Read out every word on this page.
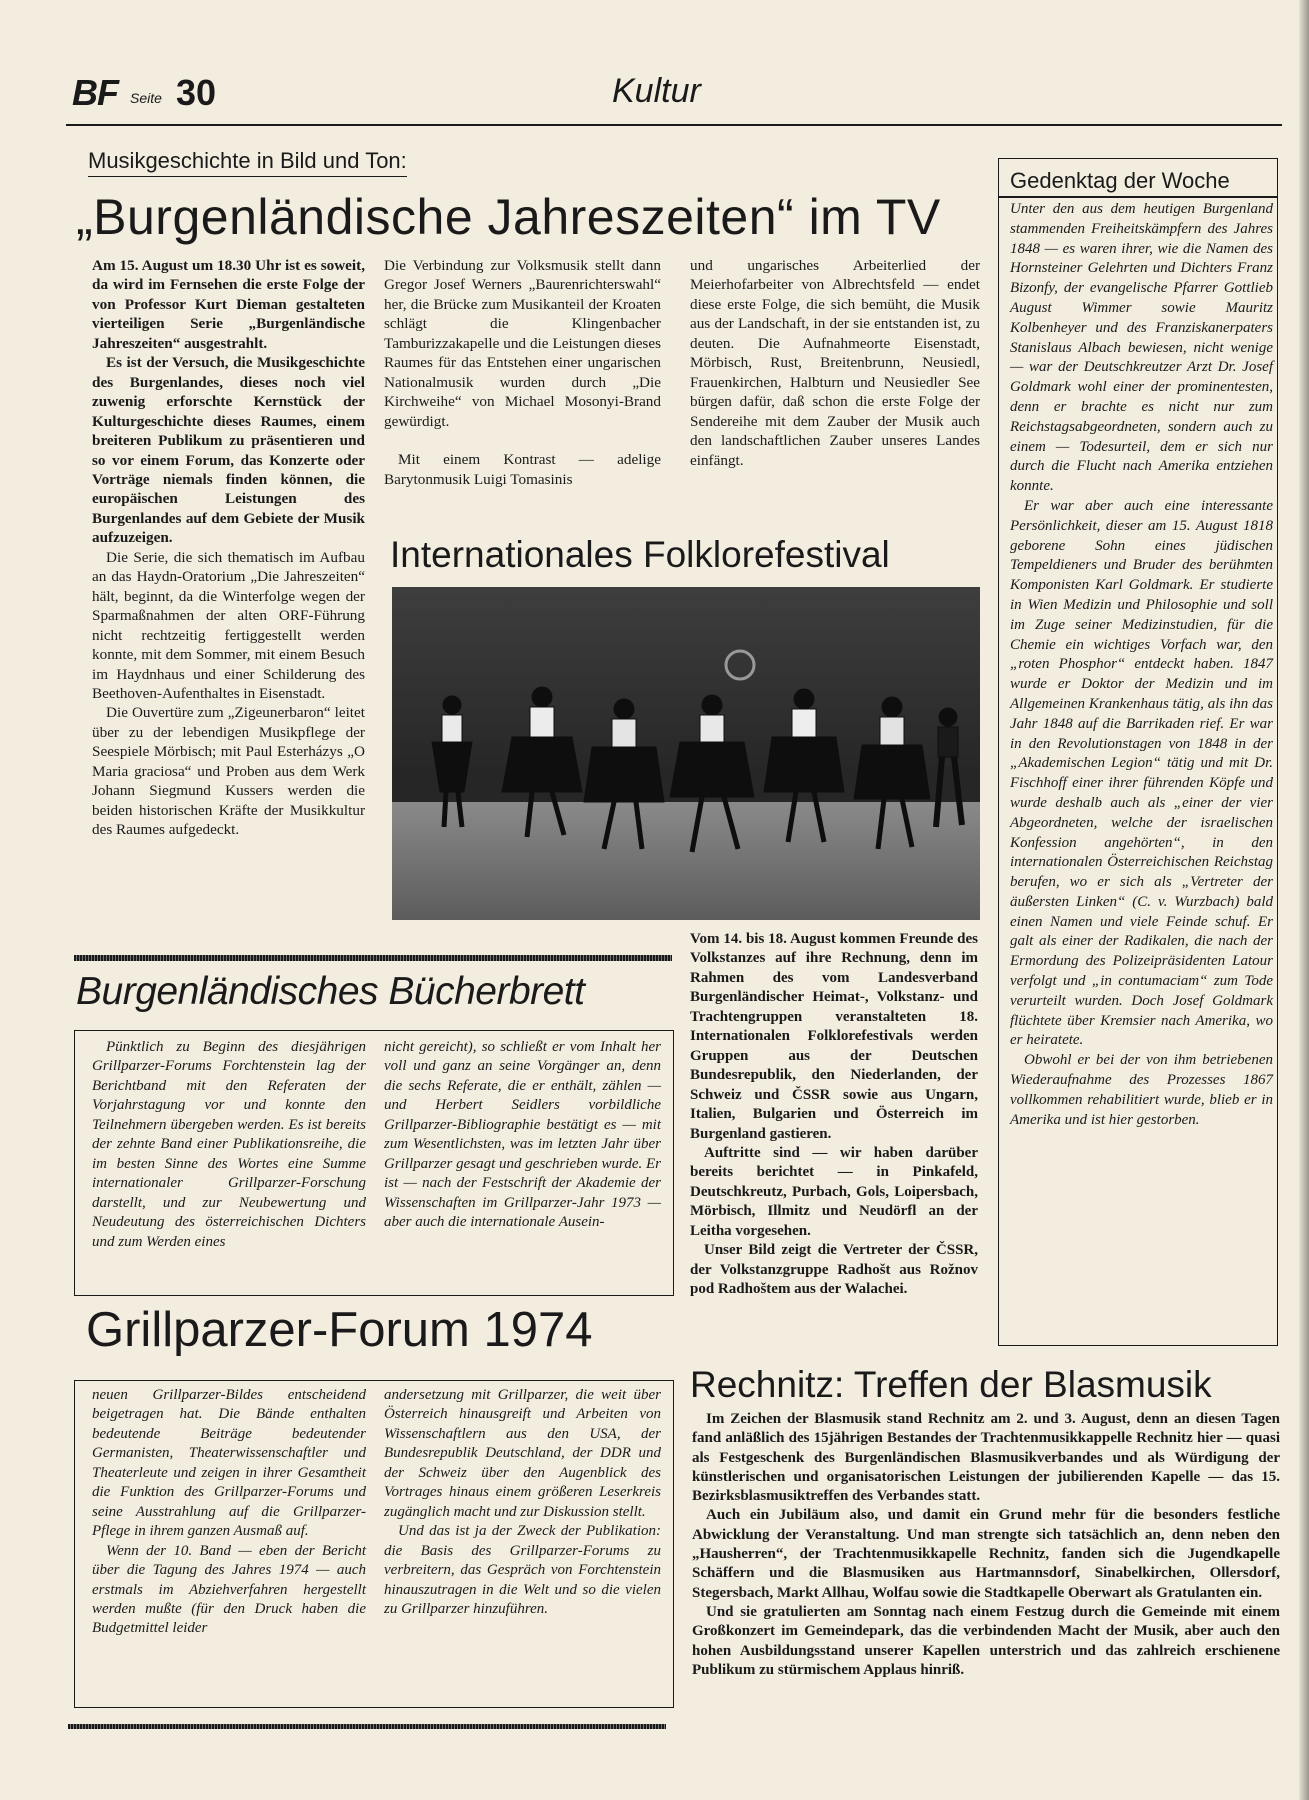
BF Seite 30	Kultur
Musikgeschichte in Bild und Ton:
„Burgenländische Jahreszeiten“ im TV

Am 15. August um 18.30 Uhr ist es soweit, da wird im Fernsehen die erste Folge der von Professor Kurt Dieman gestalteten vierteiligen Serie „Burgenländische Jahreszeiten“ ausgestrahlt.

Es ist der Versuch, die Musikgeschichte des Burgenlandes, dieses noch viel zuwenig erforschte Kernstück der Kulturgeschichte dieses Raumes, einem breiteren Publikum zu präsentieren und so vor einem Forum, das Konzerte oder Vorträge niemals finden können, die europäischen Leistungen des Burgenlandes auf dem Gebiete der Musik aufzuzeigen.

Die Serie, die sich thematisch im Aufbau an das Haydn-Oratorium „Die Jahreszeiten“ hält, beginnt, da die Winterfolge wegen der Sparmaßnahmen der alten ORF-Führung nicht rechtzeitig fertiggestellt werden konnte, mit dem Sommer, mit einem Besuch im Haydnhaus und einer Schilderung des Beethoven-Aufenthaltes in Eisenstadt.

Die Ouvertüre zum „Zigeunerbaron“ leitet über zu der lebendigen Musikpflege der Seespiele Mörbisch; mit Paul Esterházys „O Maria graciosa“ und Proben aus dem Werk Johann Siegmund Kussers werden die beiden historischen Kräfte der Musikkultur des Raumes aufgedeckt.

Die Verbindung zur Volksmusik stellt dann Gregor Josef Werners „Baurenrichterswahl“ her, die Brücke zum Musikanteil der Kroaten schlägt die Klingenbacher Tamburizzakapelle und die Leistungen dieses Raumes für das Entstehen einer ungarischen Nationalmusik wurden durch „Die Kirchweihe“ von Michael Mosonyi-Brand gewürdigt.

Mit einem Kontrast — adelige Barytonmusik Luigi Tomasinis

und ungarisches Arbeiterlied der Meierhofarbeiter von Albrechtsfeld — endet diese erste Folge, die sich bemüht, die Musik aus der Landschaft, in der sie entstanden ist, zu deuten. Die Aufnahmeorte Eisenstadt, Mörbisch, Rust, Breitenbrunn, Neusiedl, Frauenkirchen, Halbturn und Neusiedler See bürgen dafür, daß schon die erste Folge der Sendereihe mit dem Zauber der Musik auch den landschaftlichen Zauber unseres Landes einfängt.

Gedenktag der Woche

Unter den aus dem heutigen Burgenland stammenden Freiheitskämpfern des Jahres 1848 — es waren ihrer, wie die Namen des Hornsteiner Gelehrten und Dichters Franz Bizonfy, der evangelische Pfarrer Gottlieb August Wimmer sowie Mauritz Kolbenheyer und des Franziskanerpaters Stanislaus Albach bewiesen, nicht wenige — war der Deutschkreutzer Arzt Dr. Josef Goldmark wohl einer der prominentesten, denn er brachte es nicht nur zum Reichstagsabgeordneten, sondern auch zu einem — Todesurteil, dem er sich nur durch die Flucht nach Amerika entziehen konnte.

Er war aber auch eine interessante Persönlichkeit, dieser am 15. August 1818 geborene Sohn eines jüdischen Tempeldieners und Bruder des berühmten Komponisten Karl Goldmark. Er studierte in Wien Medizin und Philosophie und soll im Zuge seiner Medizinstudien, für die Chemie ein wichtiges Vorfach war, den „roten Phosphor“ entdeckt haben. 1847 wurde er Doktor der Medizin und im Allgemeinen Krankenhaus tätig, als ihn das Jahr 1848 auf die Barrikaden rief. Er war in den Revolutionstagen von 1848 in der „Akademischen Legion“ tätig und mit Dr. Fischhoff einer ihrer führenden Köpfe und wurde deshalb auch als „einer der vier Abgeordneten, welche der israelischen Konfession angehörten“, in den internationalen Österreichischen Reichstag berufen, wo er sich als „Vertreter der äußersten Linken“ (C. v. Wurzbach) bald einen Namen und viele Feinde schuf. Er galt als einer der Radikalen, die nach der Ermordung des Polizeipräsidenten Latour verfolgt und „in contumaciam“ zum Tode verurteilt wurden. Doch Josef Goldmark flüchtete über Kremsier nach Amerika, wo er heiratete.

Obwohl er bei der von ihm betriebenen Wiederaufnahme des Prozesses 1867 vollkommen rehabilitiert wurde, blieb er in Amerika und ist hier gestorben.

Internationales Folklorefestival

Vom 14. bis 18. August kommen Freunde des Volkstanzes auf ihre Rechnung, denn im Rahmen des vom Landesverband Burgenländischer Heimat-, Volkstanz- und Trachtengruppen veranstalteten 18. Internationalen Folklorefestivals werden Gruppen aus der Deutschen Bundesrepublik, den Niederlanden, der Schweiz und ČSSR sowie aus Ungarn, Italien, Bulgarien und Österreich im Burgenland gastieren.

Auftritte sind — wir haben darüber bereits berichtet — in Pinkafeld, Deutschkreutz, Purbach, Gols, Loipersbach, Mörbisch, Illmitz und Neudörfl an der Leitha vorgesehen.

Unser Bild zeigt die Vertreter der ČSSR, der Volkstanzgruppe Radhošt aus Rožnov pod Radhoštem aus der Walachei.

Burgenländisches Bücherbrett

Pünktlich zu Beginn des diesjährigen Grillparzer-Forums Forchtenstein lag der Berichtband mit den Referaten der Vorjahrstagung vor und konnte den Teilnehmern übergeben werden. Es ist bereits der zehnte Band einer Publikationsreihe, die im besten Sinne des Wortes eine Summe internationaler Grillparzer-Forschung darstellt, und zur Neubewertung und Neudeutung des österreichischen Dichters und zum Werden eines

nicht gereicht), so schließt er vom Inhalt her voll und ganz an seine Vorgänger an, denn die sechs Referate, die er enthält, zählen — und Herbert Seidlers vorbildliche Grillparzer-Bibliographie bestätigt es — mit zum Wesentlichsten, was im letzten Jahr über Grillparzer gesagt und geschrieben wurde. Er ist — nach der Festschrift der Akademie der Wissenschaften im Grillparzer-Jahr 1973 — aber auch die internationale Ausein-

Grillparzer-Forum 1974

neuen Grillparzer-Bildes entscheidend beigetragen hat. Die Bände enthalten bedeutende Beiträge bedeutender Germanisten, Theaterwissenschaftler und Theaterleute und zeigen in ihrer Gesamtheit die Funktion des Grillparzer-Forums und seine Ausstrahlung auf die Grillparzer-Pflege in ihrem ganzen Ausmaß auf.

Wenn der 10. Band — eben der Bericht über die Tagung des Jahres 1974 — auch erstmals im Abziehverfahren hergestellt werden mußte (für den Druck haben die Budgetmittel leider

andersetzung mit Grillparzer, die weit über Österreich hinausgreift und Arbeiten von Wissenschaftlern aus den USA, der Bundesrepublik Deutschland, der DDR und der Schweiz über den Augenblick des Vortrages hinaus einem größeren Leserkreis zugänglich macht und zur Diskussion stellt.

Und das ist ja der Zweck der Publikation: die Basis des Grillparzer-Forums zu verbreitern, das Gespräch von Forchtenstein hinauszutragen in die Welt und so die vielen zu Grillparzer hinzuführen.

Rechnitz: Treffen der Blasmusik

Im Zeichen der Blasmusik stand Rechnitz am 2. und 3. August, denn an diesen Tagen fand anläßlich des 15jährigen Bestandes der Trachtenmusikkappelle Rechnitz hier — quasi als Festgeschenk des Burgenländischen Blasmusikverbandes und als Würdigung der künstlerischen und organisatorischen Leistungen der jubilierenden Kapelle — das 15. Bezirksblasmusiktreffen des Verbandes statt.

Auch ein Jubiläum also, und damit ein Grund mehr für die besonders festliche Abwicklung der Veranstaltung. Und man strengte sich tatsächlich an, denn neben den „Hausherren“, der Trachtenmusikkapelle Rechnitz, fanden sich die Jugendkapelle Schäffern und die Blasmusiken aus Hartmannsdorf, Sinabelkirchen, Ollersdorf, Stegersbach, Markt Allhau, Wolfau sowie die Stadtkapelle Oberwart als Gratulanten ein.

Und sie gratulierten am Sonntag nach einem Festzug durch die Gemeinde mit einem Großkonzert im Gemeindepark, das die verbindenden Macht der Musik, aber auch den hohen Ausbildungsstand unserer Kapellen unterstrich und das zahlreich erschienene Publikum zu stürmischem Applaus hinriß.
